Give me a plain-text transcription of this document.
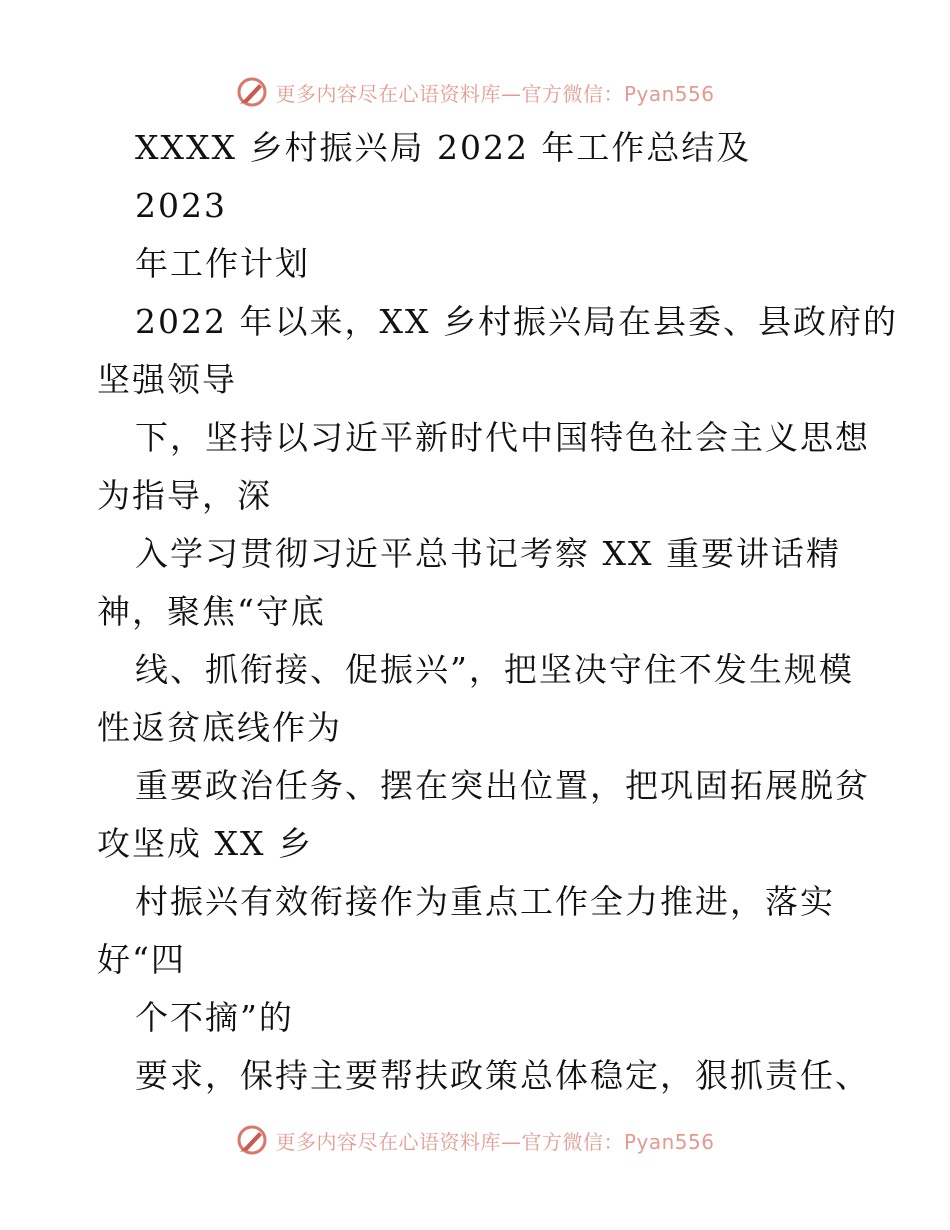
更多内容尽在心语资料库—官方微信：Pyan556
XXXX 乡村振兴局 2022 年工作总结及
2023
年工作计划
2022 年以来，XX 乡村振兴局在县委、县政府的
坚强领导
下，坚持以习近平新时代中国特色社会主义思想
为指导，深
入学习贯彻习近平总书记考察 XX 重要讲话精
神，聚焦“守底
线、抓衔接、促振兴”，把坚决守住不发生规模
性返贫底线作为
重要政治任务、摆在突出位置，把巩固拓展脱贫
攻坚成 XX 乡
村振兴有效衔接作为重点工作全力推进，落实
好“四
个不摘”的
要求，保持主要帮扶政策总体稳定，狠抓责任、
更多内容尽在心语资料库—官方微信：Pyan556
